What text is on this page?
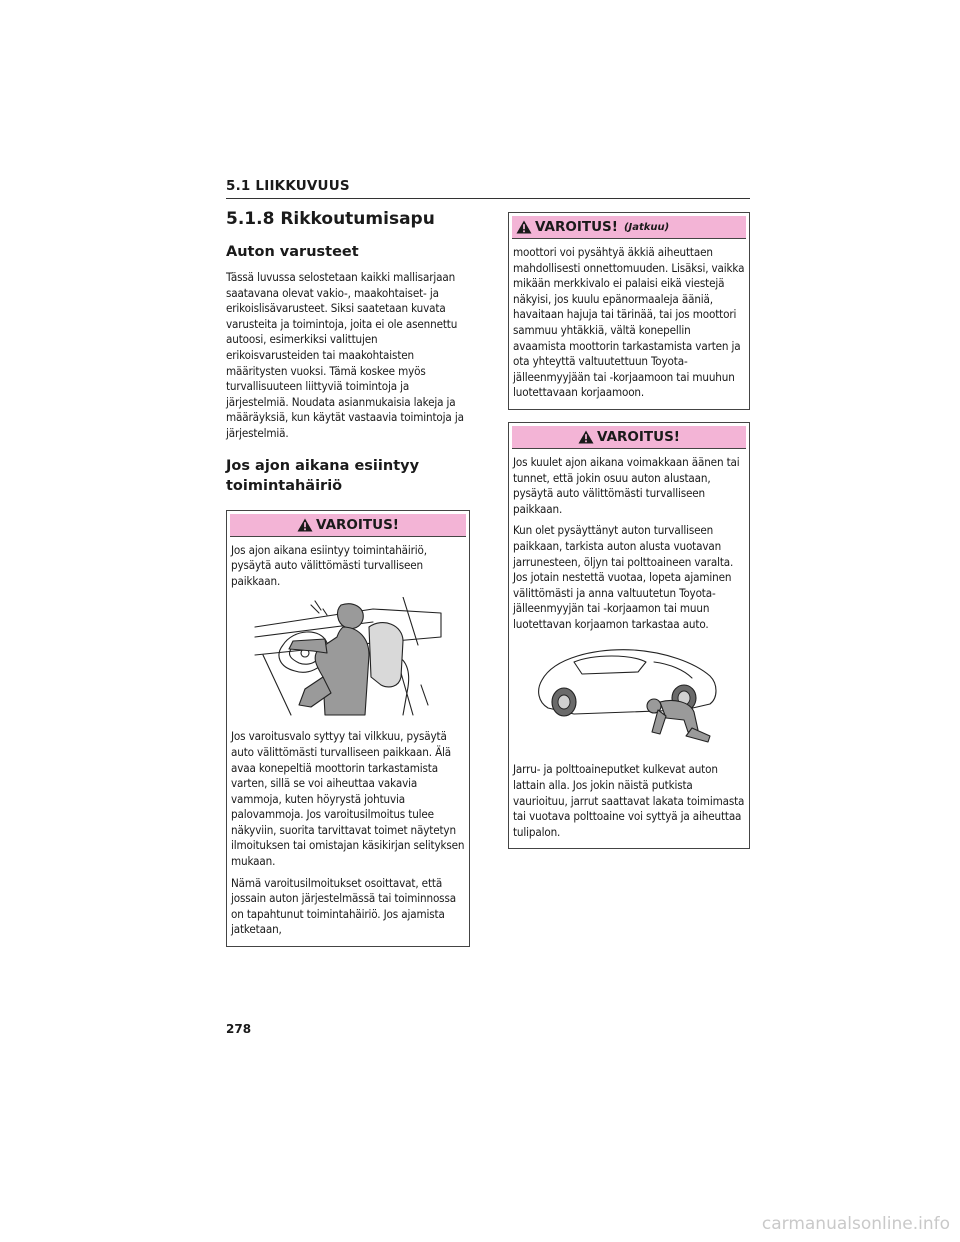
5.1 LIIKKUVUUS
5.1.8 Rikkoutumisapu
Auton varusteet

Tässä luvussa selostetaan kaikki mallisarjaan saatavana olevat vakio-, maakohtaiset- ja erikoislisävarusteet. Siksi saatetaan kuvata varusteita ja toimintoja, joita ei ole asennettu autoosi, esimerkiksi valittujen erikoisvarusteiden tai maakohtaisten määritysten vuoksi. Tämä koskee myös turvallisuuteen liittyviä toimintoja ja järjestelmiä. Noudata asianmukaisia lakeja ja määräyksiä, kun käytät vastaavia toimintoja ja järjestelmiä.

Jos ajon aikana esiintyy toimintahäiriö
VAROITUS!

Jos ajon aikana esiintyy toimintahäiriö, pysäytä auto välittömästi turvalliseen paikkaan.

Jos varoitusvalo syttyy tai vilkkuu, pysäytä auto välittömästi turvalliseen paikkaan. Älä avaa konepeltiä moottorin tarkastamista varten, sillä se voi aiheuttaa vakavia vammoja, kuten höyrystä johtuvia palovammoja. Jos varoitusilmoitus tulee näkyviin, suorita tarvittavat toimet näytetyn ilmoituksen tai omistajan käsikirjan selityksen mukaan.

Nämä varoitusilmoitukset osoittavat, että jossain auton järjestelmässä tai toiminnossa on tapahtunut toimintahäiriö. Jos ajamista jatketaan,

VAROITUS! (Jatkuu)

moottori voi pysähtyä äkkiä aiheuttaen mahdollisesti onnettomuuden. Lisäksi, vaikka mikään merkkivalo ei palaisi eikä viestejä näkyisi, jos kuulu epänormaaleja ääniä, havaitaan hajuja tai tärinää, tai jos moottori sammuu yhtäkkiä, vältä konepellin avaamista moottorin tarkastamista varten ja ota yhteyttä valtuutettuun Toyota-jälleenmyyjään tai -korjaamoon tai muuhun luotettavaan korjaamoon.

VAROITUS!

Jos kuulet ajon aikana voimakkaan äänen tai tunnet, että jokin osuu auton alustaan, pysäytä auto välittömästi turvalliseen paikkaan.

Kun olet pysäyttänyt auton turvalliseen paikkaan, tarkista auton alusta vuotavan jarrunesteen, öljyn tai polttoaineen varalta. Jos jotain nestettä vuotaa, lopeta ajaminen välittömästi ja anna valtuutetun Toyota-jälleenmyyjän tai -korjaamon tai muun luotettavan korjaamon tarkastaa auto.

Jarru- ja polttoaineputket kulkevat auton lattain alla. Jos jokin näistä putkista vaurioituu, jarrut saattavat lakata toimimasta tai vuotava polttoaine voi syttyä ja aiheuttaa tulipalon.

278
carmanualsonline.info
